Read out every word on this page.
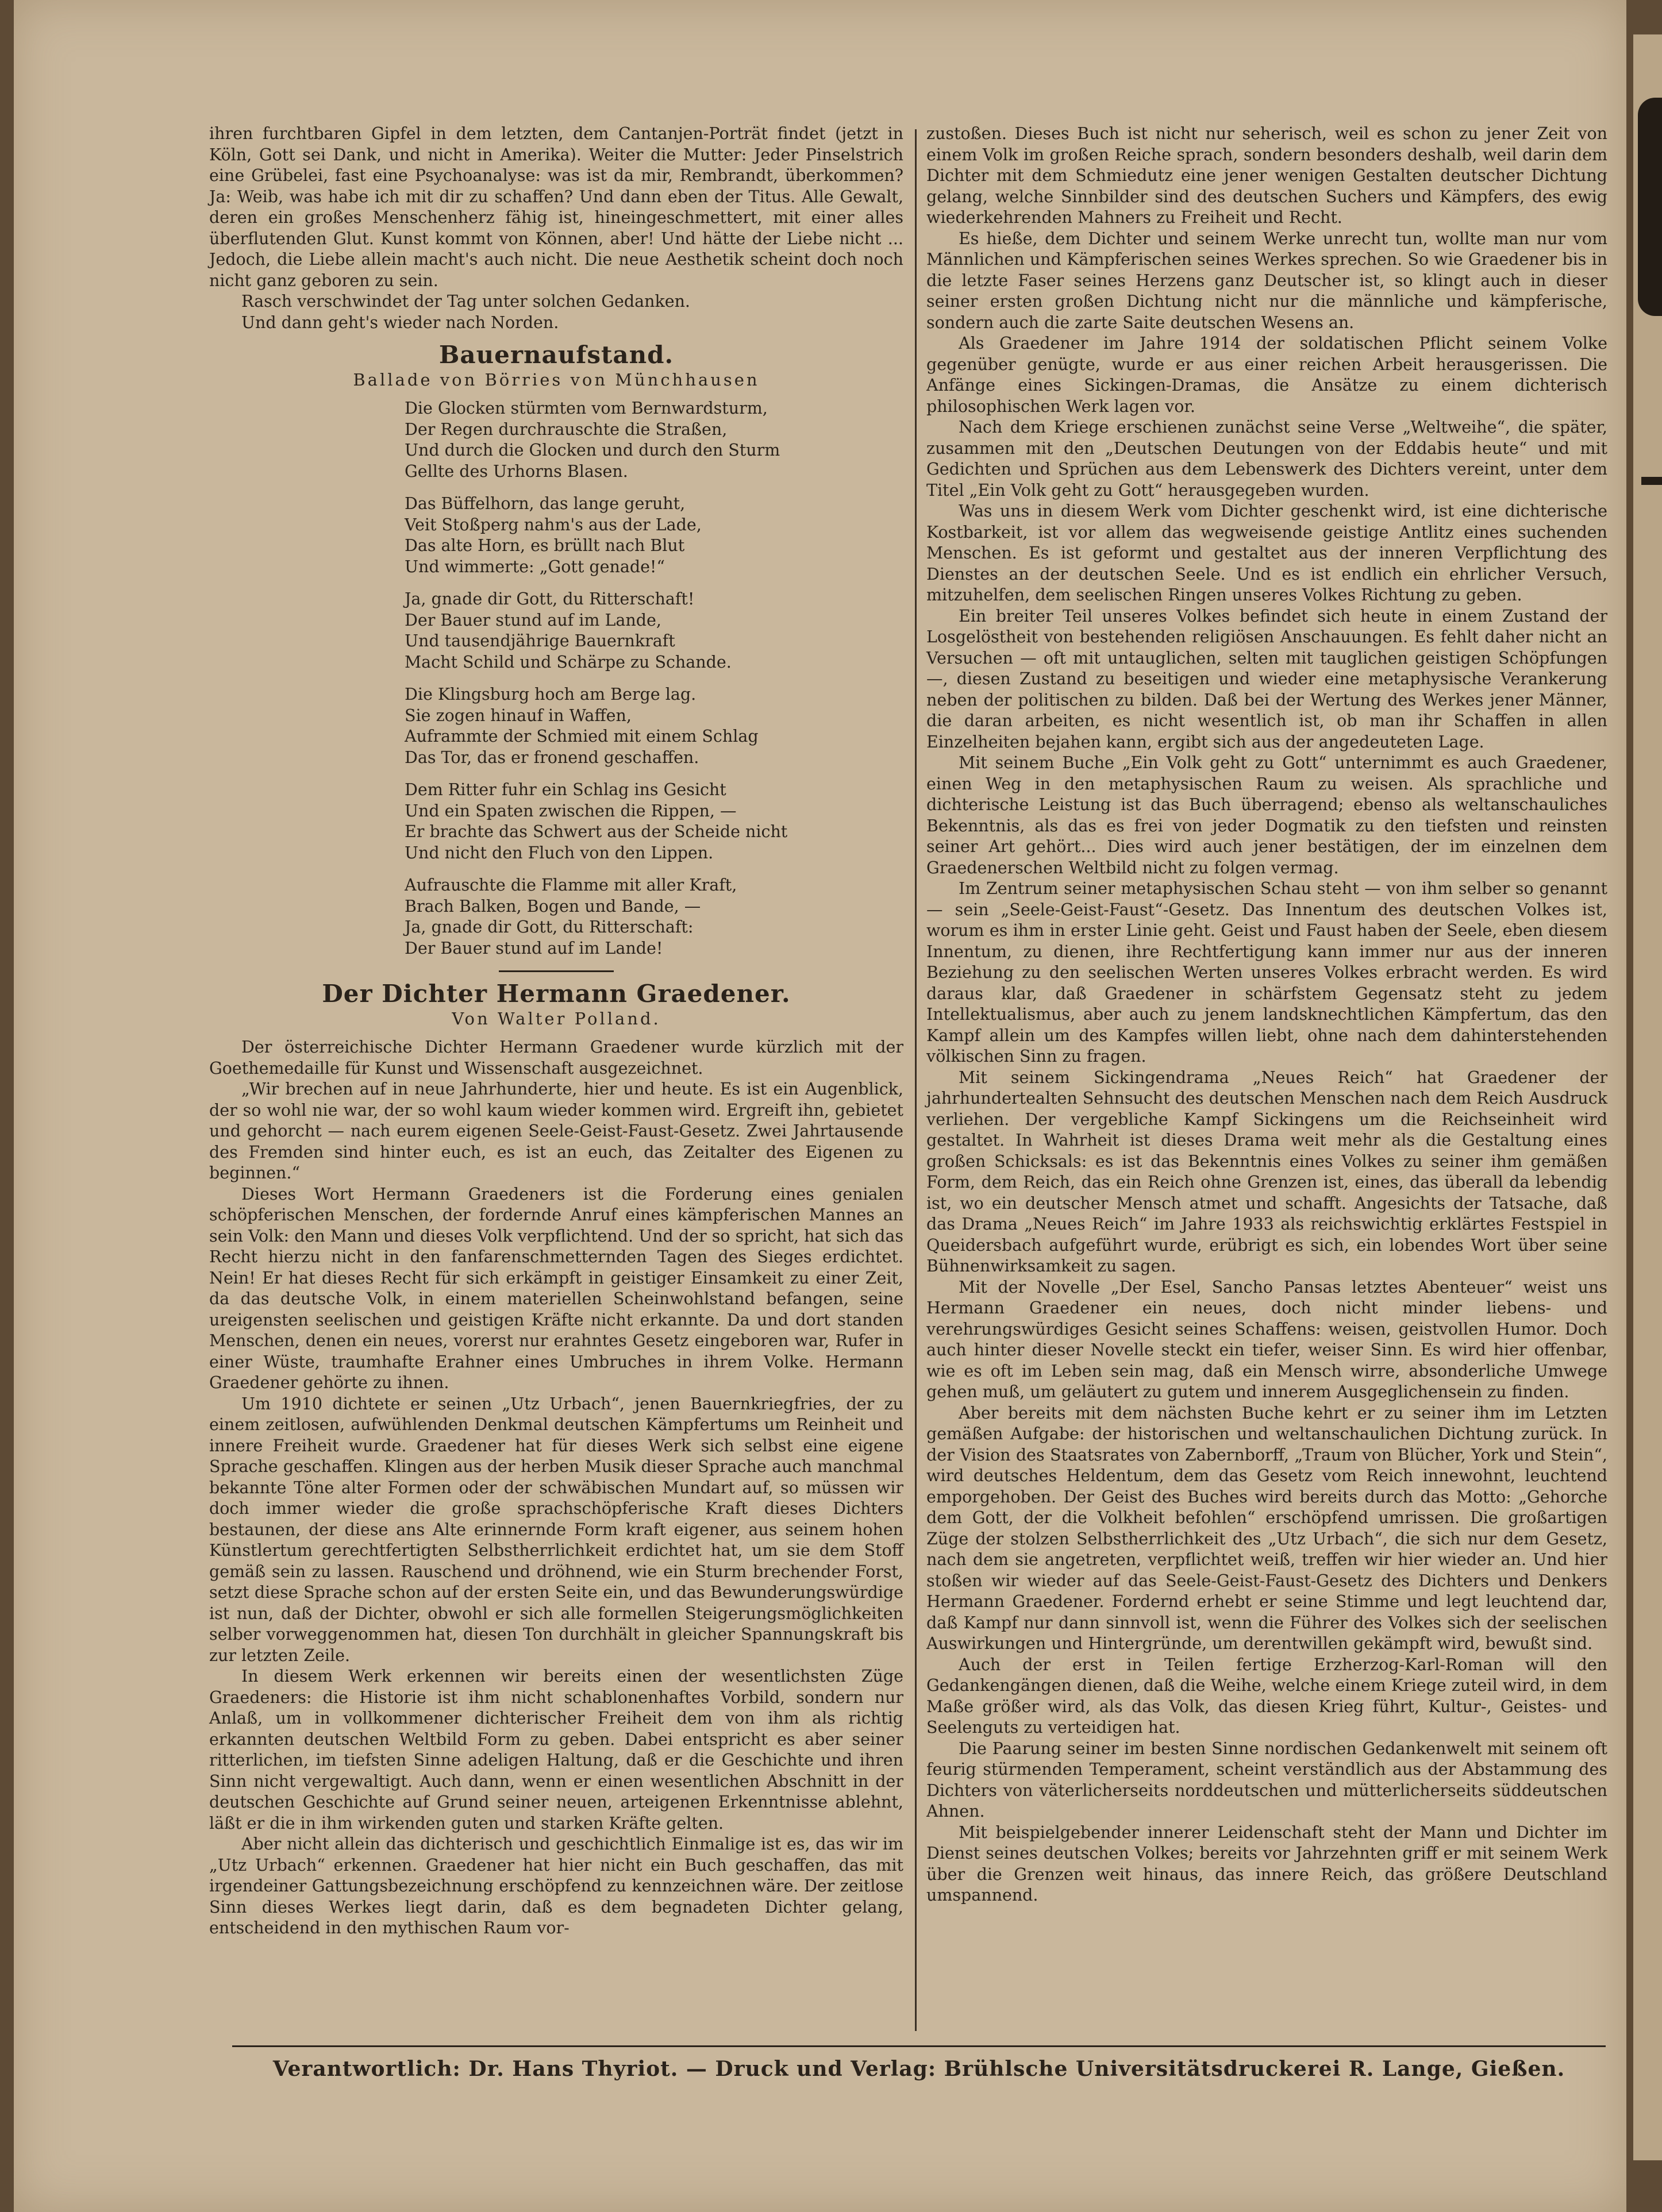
ihren furchtbaren Gipfel in dem letzten, dem Cantanjen-Porträt findet (jetzt in Köln, Gott sei Dank, und nicht in Amerika). Weiter die Mutter: Jeder Pinselstrich eine Grübelei, fast eine Psychoanalyse: was ist da mir, Rembrandt, überkommen? Ja: Weib, was habe ich mit dir zu schaffen? Und dann eben der Titus. Alle Gewalt, deren ein großes Menschenherz fähig ist, hineingeschmettert, mit einer alles überflutenden Glut. Kunst kommt von Können, aber! Und hätte der Liebe nicht ... Jedoch, die Liebe allein macht's auch nicht. Die neue Aesthetik scheint doch noch nicht ganz geboren zu sein.

Rasch verschwindet der Tag unter solchen Gedanken.

Und dann geht's wieder nach Norden.

Bauernaufstand.
Ballade von Börries von Münchhausen
Die Glocken stürmten vom Bernwardsturm,
Der Regen durchrauschte die Straßen,
Und durch die Glocken und durch den Sturm
Gellte des Urhorns Blasen.
Das Büffelhorn, das lange geruht,
Veit Stoßperg nahm's aus der Lade,
Das alte Horn, es brüllt nach Blut
Und wimmerte: „Gott genade!“
Ja, gnade dir Gott, du Ritterschaft!
Der Bauer stund auf im Lande,
Und tausendjährige Bauernkraft
Macht Schild und Schärpe zu Schande.
Die Klingsburg hoch am Berge lag.
Sie zogen hinauf in Waffen,
Auframmte der Schmied mit einem Schlag
Das Tor, das er fronend geschaffen.
Dem Ritter fuhr ein Schlag ins Gesicht
Und ein Spaten zwischen die Rippen, —
Er brachte das Schwert aus der Scheide nicht
Und nicht den Fluch von den Lippen.
Aufrauschte die Flamme mit aller Kraft,
Brach Balken, Bogen und Bande, —
Ja, gnade dir Gott, du Ritterschaft:
Der Bauer stund auf im Lande!
Der Dichter Hermann Graedener.
Von Walter Polland.

Der österreichische Dichter Hermann Graedener wurde kürzlich mit der Goethemedaille für Kunst und Wissenschaft ausgezeichnet.

„Wir brechen auf in neue Jahrhunderte, hier und heute. Es ist ein Augenblick, der so wohl nie war, der so wohl kaum wieder kommen wird. Ergreift ihn, gebietet und gehorcht — nach eurem eigenen Seele-Geist-Faust-Gesetz. Zwei Jahrtausende des Fremden sind hinter euch, es ist an euch, das Zeitalter des Eigenen zu beginnen.“

Dieses Wort Hermann Graedeners ist die Forderung eines genialen schöpferischen Menschen, der fordernde Anruf eines kämpferischen Mannes an sein Volk: den Mann und dieses Volk verpflichtend. Und der so spricht, hat sich das Recht hierzu nicht in den fanfarenschmetternden Tagen des Sieges erdichtet. Nein! Er hat dieses Recht für sich erkämpft in geistiger Einsamkeit zu einer Zeit, da das deutsche Volk, in einem materiellen Scheinwohlstand befangen, seine ureigensten seelischen und geistigen Kräfte nicht erkannte. Da und dort standen Menschen, denen ein neues, vorerst nur erahntes Gesetz eingeboren war, Rufer in einer Wüste, traumhafte Erahner eines Umbruches in ihrem Volke. Hermann Graedener gehörte zu ihnen.

Um 1910 dichtete er seinen „Utz Urbach“, jenen Bauernkriegfries, der zu einem zeitlosen, aufwühlenden Denkmal deutschen Kämpfertums um Reinheit und innere Freiheit wurde. Graedener hat für dieses Werk sich selbst eine eigene Sprache geschaffen. Klingen aus der herben Musik dieser Sprache auch manchmal bekannte Töne alter Formen oder der schwäbischen Mundart auf, so müssen wir doch immer wieder die große sprachschöpferische Kraft dieses Dichters bestaunen, der diese ans Alte erinnernde Form kraft eigener, aus seinem hohen Künstlertum gerechtfertigten Selbstherrlichkeit erdichtet hat, um sie dem Stoff gemäß sein zu lassen. Rauschend und dröhnend, wie ein Sturm brechender Forst, setzt diese Sprache schon auf der ersten Seite ein, und das Bewunderungswürdige ist nun, daß der Dichter, obwohl er sich alle formellen Steigerungsmöglichkeiten selber vorweggenommen hat, diesen Ton durchhält in gleicher Spannungskraft bis zur letzten Zeile.

In diesem Werk erkennen wir bereits einen der wesentlichsten Züge Graedeners: die Historie ist ihm nicht schablonenhaftes Vorbild, sondern nur Anlaß, um in vollkommener dichterischer Freiheit dem von ihm als richtig erkannten deutschen Weltbild Form zu geben. Dabei entspricht es aber seiner ritterlichen, im tiefsten Sinne adeligen Haltung, daß er die Geschichte und ihren Sinn nicht vergewaltigt. Auch dann, wenn er einen wesentlichen Abschnitt in der deutschen Geschichte auf Grund seiner neuen, arteigenen Erkenntnisse ablehnt, läßt er die in ihm wirkenden guten und starken Kräfte gelten.

Aber nicht allein das dichterisch und geschichtlich Einmalige ist es, das wir im „Utz Urbach“ erkennen. Graedener hat hier nicht ein Buch geschaffen, das mit irgendeiner Gattungsbezeichnung erschöpfend zu kennzeichnen wäre. Der zeitlose Sinn dieses Werkes liegt darin, daß es dem begnadeten Dichter gelang, entscheidend in den mythischen Raum vor-

zustoßen. Dieses Buch ist nicht nur seherisch, weil es schon zu jener Zeit von einem Volk im großen Reiche sprach, sondern besonders deshalb, weil darin dem Dichter mit dem Schmiedutz eine jener wenigen Gestalten deutscher Dichtung gelang, welche Sinnbilder sind des deutschen Suchers und Kämpfers, des ewig wiederkehrenden Mahners zu Freiheit und Recht.

Es hieße, dem Dichter und seinem Werke unrecht tun, wollte man nur vom Männlichen und Kämpferischen seines Werkes sprechen. So wie Graedener bis in die letzte Faser seines Herzens ganz Deutscher ist, so klingt auch in dieser seiner ersten großen Dichtung nicht nur die männliche und kämpferische, sondern auch die zarte Saite deutschen Wesens an.

Als Graedener im Jahre 1914 der soldatischen Pflicht seinem Volke gegenüber genügte, wurde er aus einer reichen Arbeit herausgerissen. Die Anfänge eines Sickingen-Dramas, die Ansätze zu einem dichterisch philosophischen Werk lagen vor.

Nach dem Kriege erschienen zunächst seine Verse „Weltweihe“, die später, zusammen mit den „Deutschen Deutungen von der Eddabis heute“ und mit Gedichten und Sprüchen aus dem Lebenswerk des Dichters vereint, unter dem Titel „Ein Volk geht zu Gott“ herausgegeben wurden.

Was uns in diesem Werk vom Dichter geschenkt wird, ist eine dichterische Kostbarkeit, ist vor allem das wegweisende geistige Antlitz eines suchenden Menschen. Es ist geformt und gestaltet aus der inneren Verpflichtung des Dienstes an der deutschen Seele. Und es ist endlich ein ehrlicher Versuch, mitzuhelfen, dem seelischen Ringen unseres Volkes Richtung zu geben.

Ein breiter Teil unseres Volkes befindet sich heute in einem Zustand der Losgelöstheit von bestehenden religiösen Anschauungen. Es fehlt daher nicht an Versuchen — oft mit untauglichen, selten mit tauglichen geistigen Schöpfungen —, diesen Zustand zu beseitigen und wieder eine metaphysische Verankerung neben der politischen zu bilden. Daß bei der Wertung des Werkes jener Männer, die daran arbeiten, es nicht wesentlich ist, ob man ihr Schaffen in allen Einzelheiten bejahen kann, ergibt sich aus der angedeuteten Lage.

Mit seinem Buche „Ein Volk geht zu Gott“ unternimmt es auch Graedener, einen Weg in den metaphysischen Raum zu weisen. Als sprachliche und dichterische Leistung ist das Buch überragend; ebenso als weltanschauliches Bekenntnis, als das es frei von jeder Dogmatik zu den tiefsten und reinsten seiner Art gehört... Dies wird auch jener bestätigen, der im einzelnen dem Graedenerschen Weltbild nicht zu folgen vermag.

Im Zentrum seiner metaphysischen Schau steht — von ihm selber so genannt — sein „Seele-Geist-Faust“-Gesetz. Das Innentum des deutschen Volkes ist, worum es ihm in erster Linie geht. Geist und Faust haben der Seele, eben diesem Innentum, zu dienen, ihre Rechtfertigung kann immer nur aus der inneren Beziehung zu den seelischen Werten unseres Volkes erbracht werden. Es wird daraus klar, daß Graedener in schärfstem Gegensatz steht zu jedem Intellektualismus, aber auch zu jenem landsknechtlichen Kämpfertum, das den Kampf allein um des Kampfes willen liebt, ohne nach dem dahinterstehenden völkischen Sinn zu fragen.

Mit seinem Sickingendrama „Neues Reich“ hat Graedener der jahrhundertealten Sehnsucht des deutschen Menschen nach dem Reich Ausdruck verliehen. Der vergebliche Kampf Sickingens um die Reichseinheit wird gestaltet. In Wahrheit ist dieses Drama weit mehr als die Gestaltung eines großen Schicksals: es ist das Bekenntnis eines Volkes zu seiner ihm gemäßen Form, dem Reich, das ein Reich ohne Grenzen ist, eines, das überall da lebendig ist, wo ein deutscher Mensch atmet und schafft. Angesichts der Tatsache, daß das Drama „Neues Reich“ im Jahre 1933 als reichswichtig erklärtes Festspiel in Queidersbach aufgeführt wurde, erübrigt es sich, ein lobendes Wort über seine Bühnenwirksamkeit zu sagen.

Mit der Novelle „Der Esel, Sancho Pansas letztes Abenteuer“ weist uns Hermann Graedener ein neues, doch nicht minder liebens- und verehrungswürdiges Gesicht seines Schaffens: weisen, geistvollen Humor. Doch auch hinter dieser Novelle steckt ein tiefer, weiser Sinn. Es wird hier offenbar, wie es oft im Leben sein mag, daß ein Mensch wirre, absonderliche Umwege gehen muß, um geläutert zu gutem und innerem Ausgeglichensein zu finden.

Aber bereits mit dem nächsten Buche kehrt er zu seiner ihm im Letzten gemäßen Aufgabe: der historischen und weltanschaulichen Dichtung zurück. In der Vision des Staatsrates von Zabernborff, „Traum von Blücher, York und Stein“, wird deutsches Heldentum, dem das Gesetz vom Reich innewohnt, leuchtend emporgehoben. Der Geist des Buches wird bereits durch das Motto: „Gehorche dem Gott, der die Volkheit befohlen“ erschöpfend umrissen. Die großartigen Züge der stolzen Selbstherrlichkeit des „Utz Urbach“, die sich nur dem Gesetz, nach dem sie angetreten, verpflichtet weiß, treffen wir hier wieder an. Und hier stoßen wir wieder auf das Seele-Geist-Faust-Gesetz des Dichters und Denkers Hermann Graedener. Fordernd erhebt er seine Stimme und legt leuchtend dar, daß Kampf nur dann sinnvoll ist, wenn die Führer des Volkes sich der seelischen Auswirkungen und Hintergründe, um derentwillen gekämpft wird, bewußt sind.

Auch der erst in Teilen fertige Erzherzog-Karl-Roman will den Gedankengängen dienen, daß die Weihe, welche einem Kriege zuteil wird, in dem Maße größer wird, als das Volk, das diesen Krieg führt, Kultur-, Geistes- und Seelenguts zu verteidigen hat.

Die Paarung seiner im besten Sinne nordischen Gedankenwelt mit seinem oft feurig stürmenden Temperament, scheint verständlich aus der Abstammung des Dichters von väterlicherseits norddeutschen und mütterlicherseits süddeutschen Ahnen.

Mit beispielgebender innerer Leidenschaft steht der Mann und Dichter im Dienst seines deutschen Volkes; bereits vor Jahrzehnten griff er mit seinem Werk über die Grenzen weit hinaus, das innere Reich, das größere Deutschland umspannend.

Verantwortlich: Dr. Hans Thyriot. — Druck und Verlag: Brühlsche Universitätsdruckerei R. Lange, Gießen.
